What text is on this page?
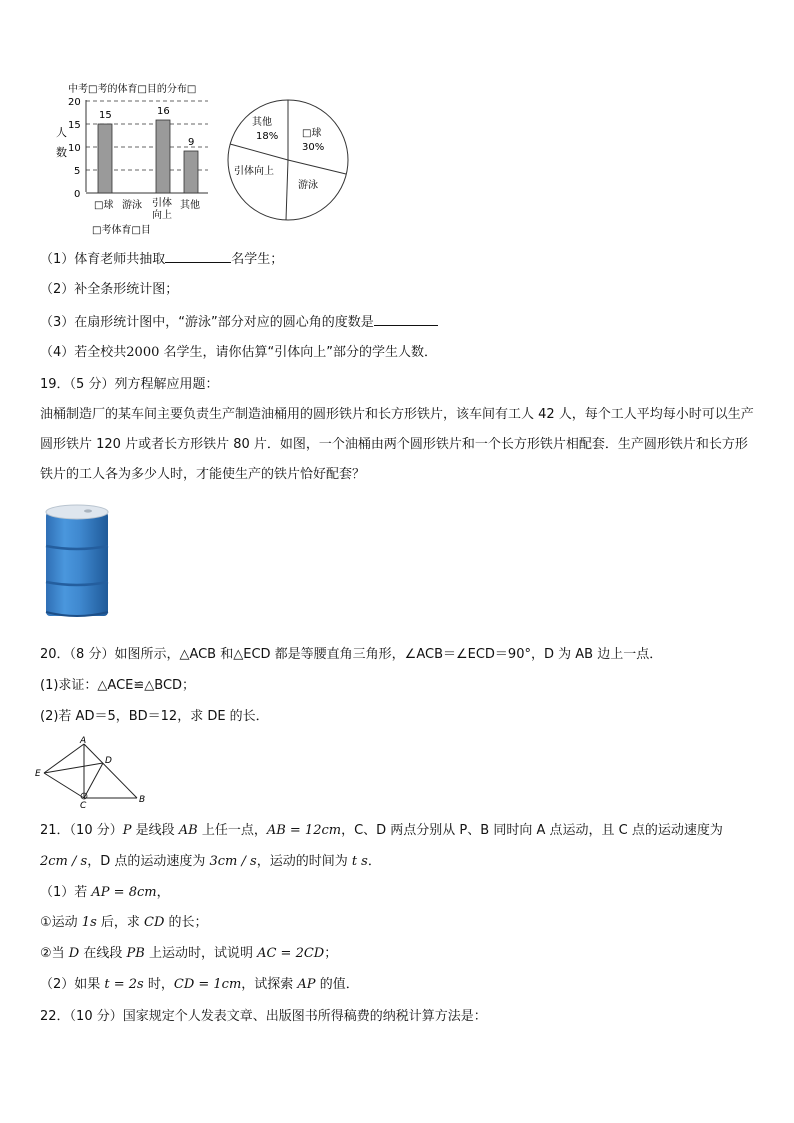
中考□考的体育□目的分布□
人
数
20
15
10
5
0
15	16
9
□球 游泳 引体
向上
其他
□考体育□目
其他
18% □球
30%
引体向上
游泳
（1）体育老师共抽取	名学生；
（2）补全条形统计图；
（3）在扇形统计图中，“游泳”部分对应的圆心角的度数是
（4）若全校共2000 名学生，请你估算“引体向上”部分的学生人数．
19．（5 分）列方程解应用题：
油桶制造厂的某车间主要负责生产制造油桶用的圆形铁片和长方形铁片，该车间有工人 42 人，每个工人平均每小时可以生产圆形铁片 120 片或者长方形铁片 80 片．如图，一个油桶由两个圆形铁片和一个长方形铁片相配套．生产圆形铁片和长方形铁片的工人各为多少人时，才能使生产的铁片恰好配套？
20．（8 分）如图所示，△ACB 和△ECD 都是等腰直角三角形，∠ACB＝∠ECD＝90°，D 为 AB 边上一点．
(1)求证：△ACE≌△BCD；
(2)若 AD＝5，BD＝12，求 DE 的长．
A
D
E
C
B
21．（10 分）P 是线段 AB 上任一点，AB = 12cm，C、D 两点分别从 P、B 同时向 A 点运动，且 C 点的运动速度为
2cm / s，D 点的运动速度为 3cm / s，运动的时间为 t s．
（1）若 AP = 8cm，
①运动 1s 后，求 CD 的长；
②当 D 在线段 PB 上运动时，试说明 AC = 2CD；
（2）如果 t = 2s 时，CD = 1cm，试探索 AP 的值．
22．（10 分）国家规定个人发表文章、出版图书所得稿费的纳税计算方法是：
